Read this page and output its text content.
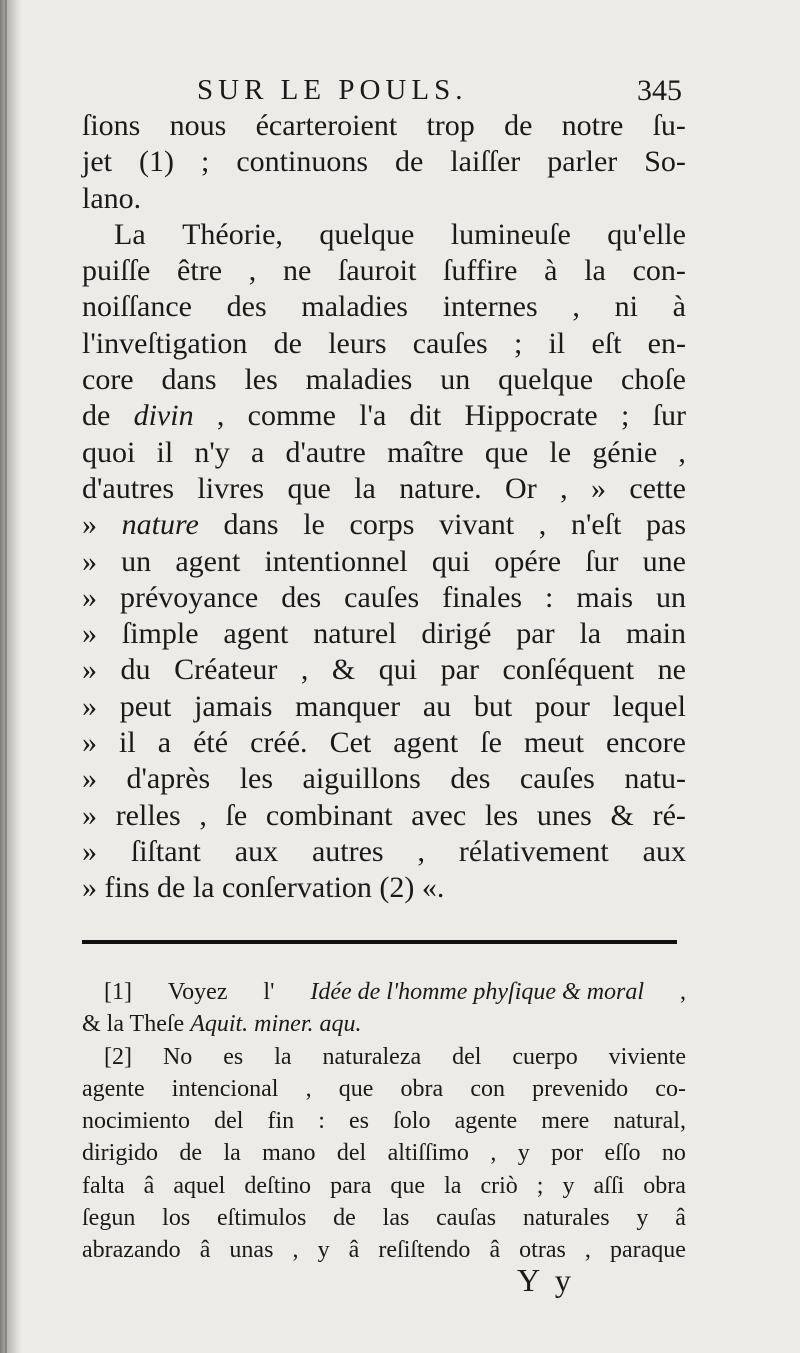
SUR LE POULS.	345
ſions nous écarteroient trop de notre ſu-
jet (1) ; continuons de laiſſer parler So-
lano.
La Théorie, quelque lumineuſe qu'elle
puiſſe être , ne ſauroit ſuffire à la con-
noiſſance des maladies internes , ni à
l'inveſtigation de leurs cauſes ; il eſt en-
core dans les maladies un quelque choſe
de divin , comme l'a dit Hippocrate ; ſur
quoi il n'y a d'autre maître que le génie ,
d'autres livres que la nature. Or , » cette
» nature dans le corps vivant , n'eſt pas
» un agent intentionnel qui opére ſur une
» prévoyance des cauſes finales : mais un
» ſimple agent naturel dirigé par la main
» du Créateur , & qui par conſéquent ne
» peut jamais manquer au but pour lequel
» il a été créé. Cet agent ſe meut encore
» d'après les aiguillons des cauſes natu-
» relles , ſe combinant avec les unes & ré-
» ſiſtant aux autres , rélativement aux
» fins de la conſervation (2) «.
[1] Voyez l' Idée de l'homme phyſique & moral ,
& la Theſe Aquit. miner. aqu.
[2] No es la naturaleza del cuerpo viviente
agente intencional , que obra con prevenido co-
nocimiento del fin : es ſolo agente mere natural,
dirigido de la mano del altiſſimo , y por eſſo no
falta â aquel deſtino para que la criò ; y aſſi obra
ſegun los eſtimulos de las cauſas naturales y â
abrazando â unas , y â reſiſtendo â otras , paraque
Y y
